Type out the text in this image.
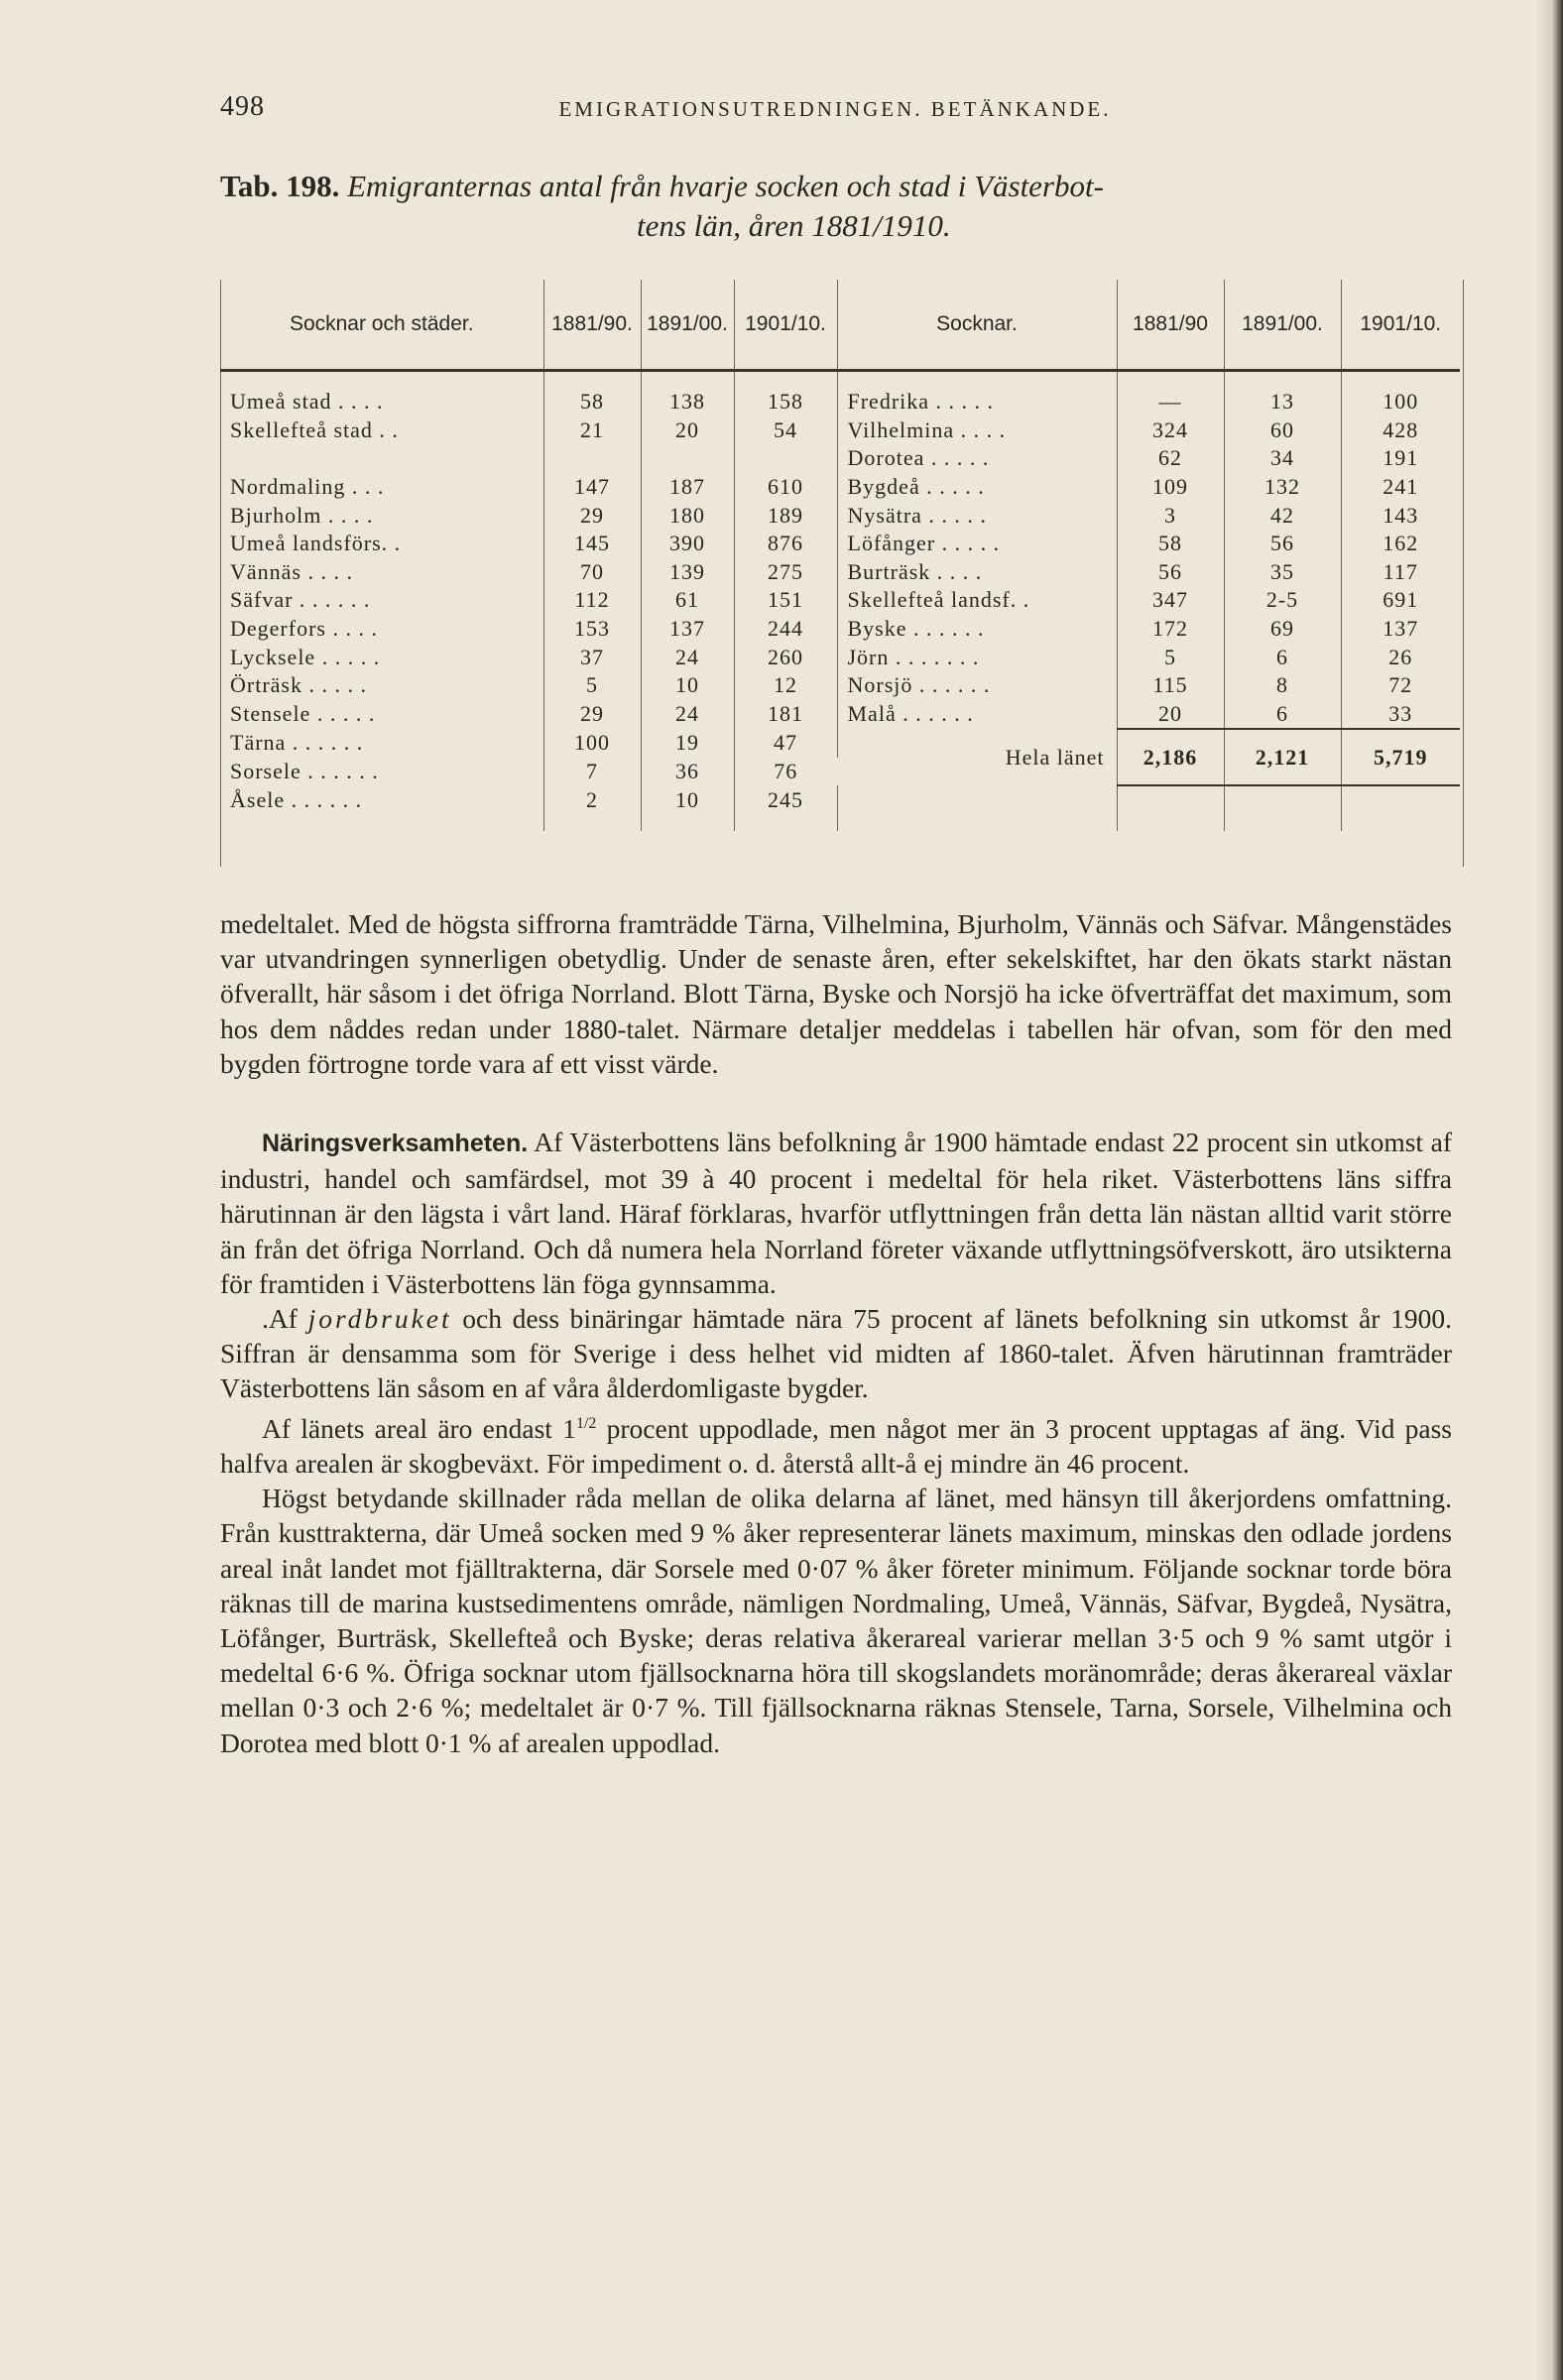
498	EMIGRATIONSUTREDNINGEN. BETÄNKANDE.
Tab. 198. Emigranternas antal från hvarje socken och stad i Västerbot-
tens län, åren 1881/1910.
Socknar och städer.	1881/90.	1891/00.	1901/10.	Socknar.	1881/90	1891/00.	1901/10.

Umeå stad . . . .	58	138	158	Fredrika . . . . .	—	13	100
Skellefteå stad . .	21	20	54	Vilhelmina . . . .	324	60	428
				Dorotea . . . . .	62	34	191
Nordmaling . . .	147	187	610	Bygdeå . . . . .	109	132	241
Bjurholm . . . .	29	180	189	Nysätra . . . . .	3	42	143
Umeå landsförs. .	145	390	876	Löfånger . . . . .	58	56	162
Vännäs . . . .	70	139	275	Burträsk . . . .	56	35	117
Säfvar . . . . . .	112	61	151	Skellefteå landsf. .	347	2-5	691
Degerfors . . . .	153	137	244	Byske . . . . . .	172	69	137
Lycksele . . . . .	37	24	260	Jörn . . . . . . .	5	6	26
Örträsk . . . . .	5	10	12	Norsjö . . . . . .	115	8	72
Stensele . . . . .	29	24	181	Malå . . . . . .	20	6	33
Tärna . . . . . .	100	19	47	Hela länet	2,186	2,121	5,719
Sorsele . . . . . .	7	36	76				
Åsele . . . . . .	2	10	245				

medeltalet. Med de högsta siffrorna framträdde Tärna, Vilhelmina, Bjurholm, Vännäs och Säfvar. Mångenstädes var utvandringen synnerligen obetydlig. Under de senaste åren, efter sekelskiftet, har den ökats starkt nästan öfverallt, här såsom i det öfriga Norrland. Blott Tärna, Byske och Norsjö ha icke öfverträffat det maximum, som hos dem nåddes redan under 1880-talet. Närmare detaljer meddelas i tabellen här ofvan, som för den med bygden förtrogne torde vara af ett visst värde.

Näringsverksamheten. Af Västerbottens läns befolkning år 1900 hämtade endast 22 procent sin utkomst af industri, handel och samfärdsel, mot 39 à 40 procent i medeltal för hela riket. Västerbottens läns siffra härutinnan är den lägsta i vårt land. Häraf förklaras, hvarför utflyttningen från detta län nästan alltid varit större än från det öfriga Norrland. Och då numera hela Norrland företer växande utflyttningsöfverskott, äro utsikterna för framtiden i Västerbottens län föga gynnsamma.

.Af jordbruket och dess binäringar hämtade nära 75 procent af länets befolkning sin utkomst år 1900. Siffran är densamma som för Sverige i dess helhet vid midten af 1860-talet. Äfven härutinnan framträder Västerbottens län såsom en af våra ålderdomligaste bygder.

Af länets areal äro endast $1^{1/2}$ procent uppodlade, men något mer än 3 procent upptagas af äng. Vid pass halfva arealen är skogbeväxt. För impediment o. d. återstå allt-å ej mindre än 46 procent.

Högst betydande skillnader råda mellan de olika delarna af länet, med hänsyn till åkerjordens omfattning. Från kusttrakterna, där Umeå socken med 9 % åker representerar länets maximum, minskas den odlade jordens areal inåt landet mot fjälltrakterna, där Sorsele med 0·07 % åker företer minimum. Följande socknar torde böra räknas till de marina kustsedimentens område, nämligen Nordmaling, Umeå, Vännäs, Säfvar, Bygdeå, Nysätra, Löfånger, Burträsk, Skellefteå och Byske; deras relativa åkerareal varierar mellan 3·5 och 9 % samt utgör i medeltal 6·6 %. Öfriga socknar utom fjällsocknarna höra till skogslandets moränområde; deras åkerareal växlar mellan 0·3 och 2·6 %; medeltalet är 0·7 %. Till fjällsocknarna räknas Stensele, Tarna, Sorsele, Vilhelmina och Dorotea med blott 0·1 % af arealen uppodlad.
